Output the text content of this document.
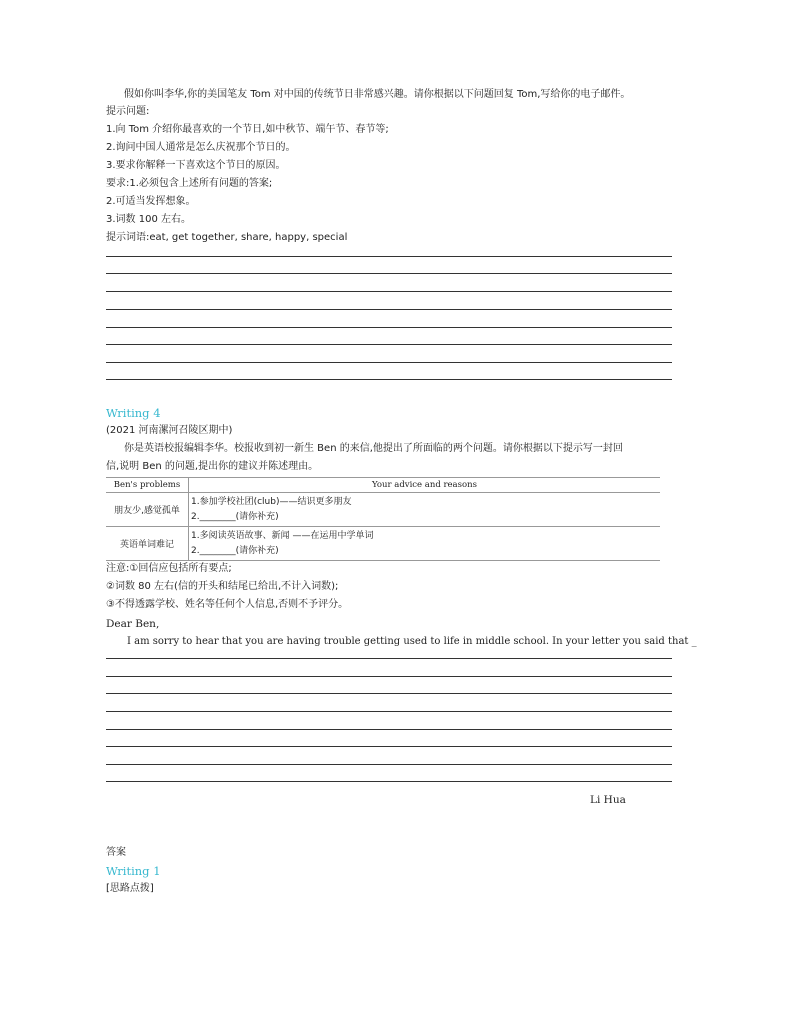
假如你叫李华,你的美国笔友 Tom 对中国的传统节日非常感兴趣。请你根据以下问题回复 Tom,写给你的电子邮件。
提示问题:
1.向 Tom 介绍你最喜欢的一个节日,如中秋节、端午节、春节等;
2.询问中国人通常是怎么庆祝那个节日的。
3.要求你解释一下喜欢这个节日的原因。
要求:1.必须包含上述所有问题的答案;
2.可适当发挥想象。
3.词数 100 左右。
提示词语:eat, get together, share, happy, special
Writing 4
(2021 河南漯河召陵区期中)
你是英语校报编辑李华。校报收到初一新生 Ben 的来信,他提出了所面临的两个问题。请你根据以下提示写一封回
信,说明 Ben 的问题,提出你的建议并陈述理由。
Ben's problems	Your advice and reasons
朋友少,感觉孤单	1.参加学校社团(club)——结识更多朋友
2.________(请你补充)

英语单词难记	1.多阅读英语故事、新闻 ——在运用中学单词
2.________(请你补充)
注意:①回信应包括所有要点;
②词数 80 左右(信的开头和结尾已给出,不计入词数);
③不得透露学校、姓名等任何个人信息,否则不予评分。
Dear Ben,
I am sorry to hear that you are having trouble getting used to life in middle school. In your letter you said that _
Li Hua
答案
Writing 1
[思路点拨]
